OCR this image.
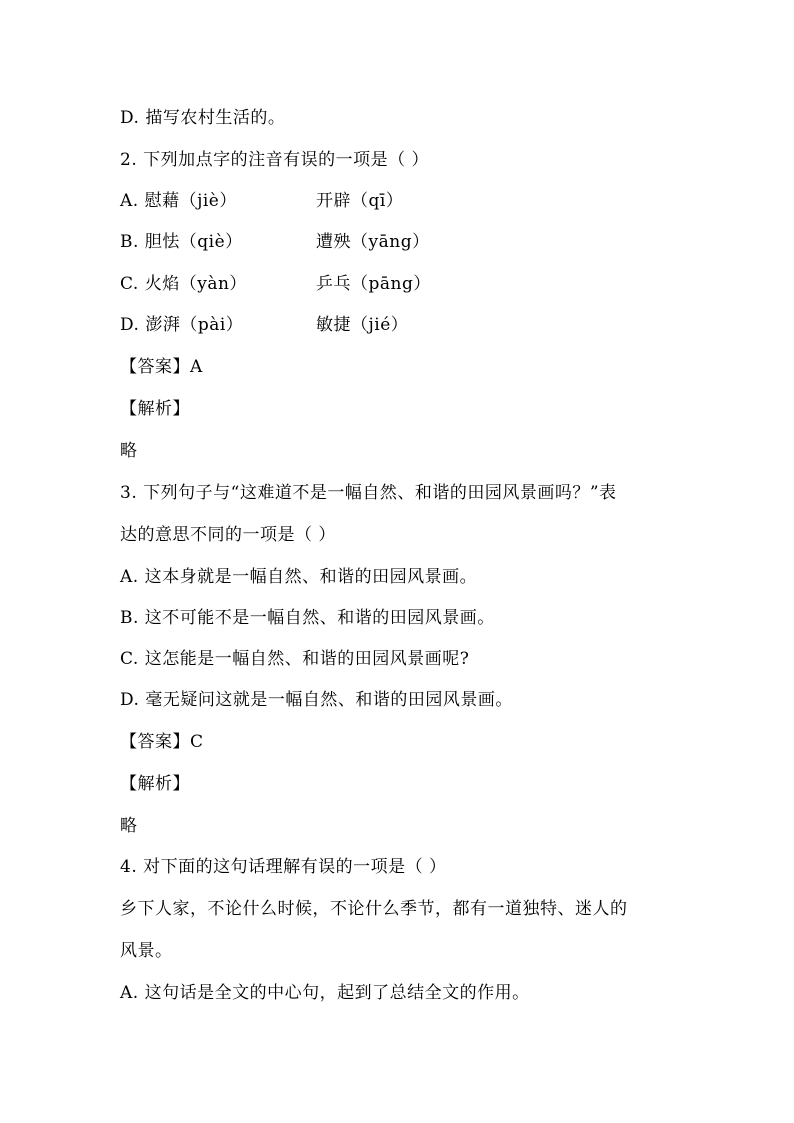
D. 描写农村生活的。
2. 下列加点字的注音有误的一项是（ ）
A. 慰藉（jiè）	开辟（qī）
B. 胆怯（qiè）	遭殃（yāng）
C. 火焰（yàn）	乒乓（pāng）
D. 澎湃（pài）	敏捷（jié）
【答案】A
【解析】
略
3. 下列句子与“这难道不是一幅自然、和谐的田园风景画吗？”表
达的意思不同的一项是（ ）
A. 这本身就是一幅自然、和谐的田园风景画。
B. 这不可能不是一幅自然、和谐的田园风景画。
C. 这怎能是一幅自然、和谐的田园风景画呢?
D. 毫无疑问这就是一幅自然、和谐的田园风景画。
【答案】C
【解析】
略
4. 对下面的这句话理解有误的一项是（ ）
乡下人家，不论什么时候，不论什么季节，都有一道独特、迷人的
风景。
A. 这句话是全文的中心句，起到了总结全文的作用。
